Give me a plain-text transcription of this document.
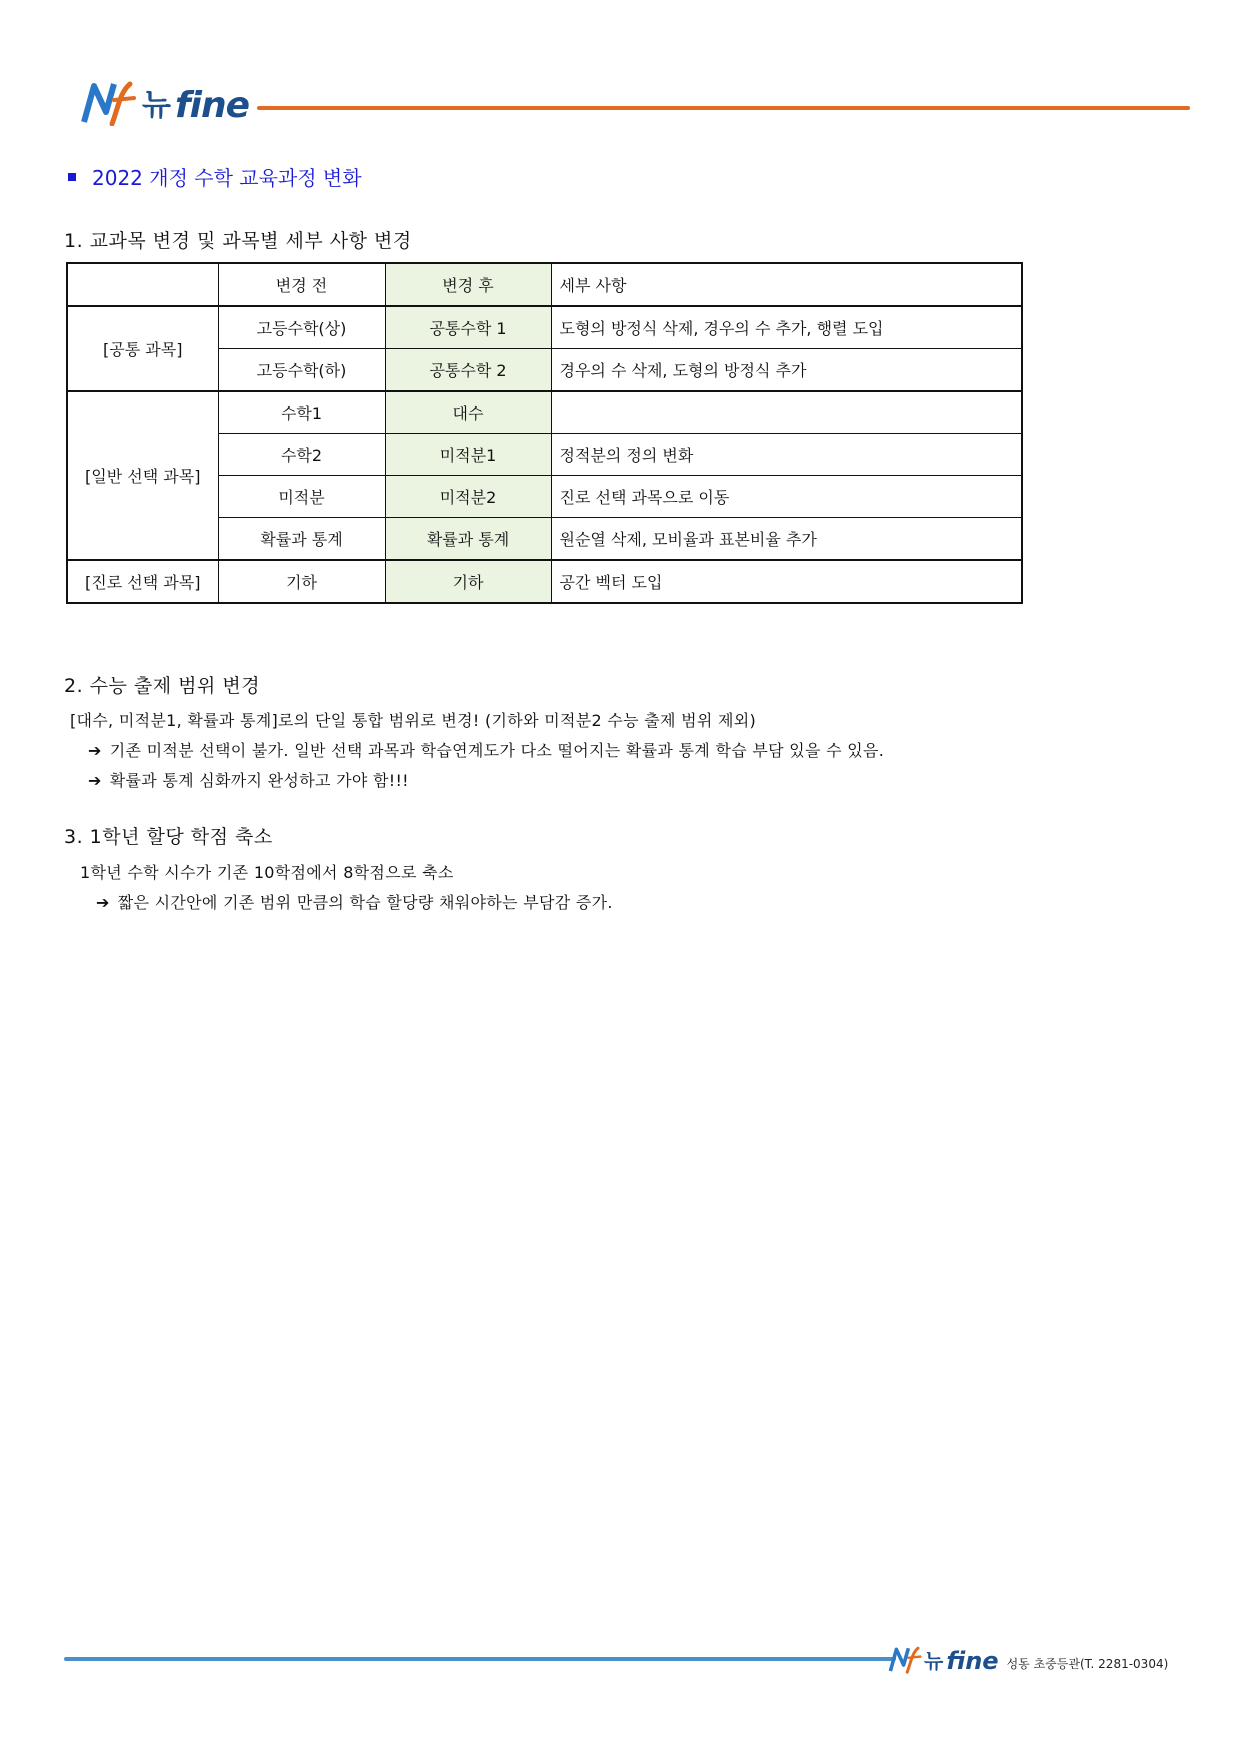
뉴 fine
2022 개정 수학 교육과정 변화
1. 교과목 변경 및 과목별 세부 사항 변경
	변경 전	변경 후	세부 사항
[공통 과목]	고등수학(상)	공통수학 1	도형의 방정식 삭제, 경우의 수 추가, 행렬 도입
	고등수학(하)	공통수학 2	경우의 수 삭제, 도형의 방정식 추가
[일반 선택 과목]	수학1	대수	
	수학2	미적분1	정적분의 정의 변화
	미적분	미적분2	진로 선택 과목으로 이동
	확률과 통계	확률과 통계	원순열 삭제, 모비율과 표본비율 추가
[진로 선택 과목]	기하	기하	공간 벡터 도입
2. 수능 출제 범위 변경
[대수, 미적분1, 확률과 통계]로의 단일 통합 범위로 변경! (기하와 미적분2 수능 출제 범위 제외)
➔ 기존 미적분 선택이 불가. 일반 선택 과목과 학습연계도가 다소 떨어지는 확률과 통계 학습 부담 있을 수 있음.
➔ 확률과 통계 심화까지 완성하고 가야 함!!!
3. 1학년 할당 학점 축소
1학년 수학 시수가 기존 10학점에서 8학점으로 축소
➔ 짧은 시간안에 기존 범위 만큼의 학습 할당량 채워야하는 부담감 증가.
뉴 fine 성동 초중등관(T. 2281-0304)
